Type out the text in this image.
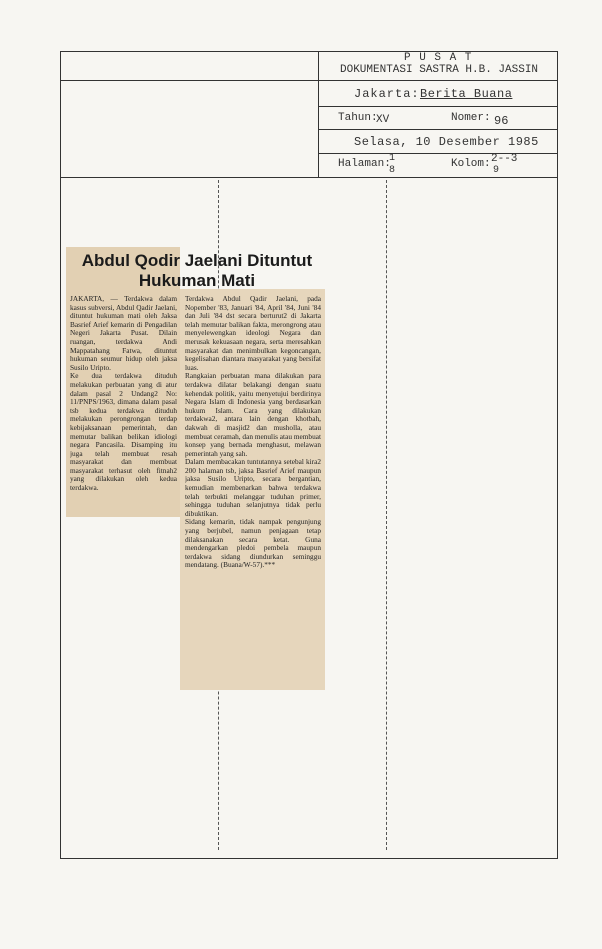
P U S A T
DOKUMENTASI SASTRA H.B. JASSIN
Jakarta: Berita Buana
Tahun:
XV	Nomer: 96
Selasa, 10 Desember 1985
Halaman:
1
8
Kolom: 2--3
9
Abdul Qodir Jaelani Dituntut Hukuman Mati
JAKARTA, — Terdakwa dalam kasus subversi, Abdul Qadir Jaelani, dituntut hukuman mati oleh Jaksa Basrief Arief kemarin di Pengadilan Negeri Jakarta Pusat. Dilain ruangan, terdakwa Andi Mappatahang Fatwa, dituntut hukuman seumur hidup oleh jaksa Susilo Uripto.
Ke dua terdakwa dituduh melakukan perbuatan yang di atur dalam pasal 2 Undang2 No: 11/PNPS/1963, dimana dalam pasal tsb kedua terdakwa dituduh melakukan perongrongan terdap kebijaksanaan pemerintah, dan memutar balikan belikan idiologi negara Pancasila. Disamping itu juga telah membuat resah masyarakat dan membuat masyarakat terhasut oleh fitnah2 yang dilakukan oleh kedua terdakwa.
Terdakwa Abdul Qadir Jaelani, pada Nopember '83, Januari '84, April '84, Juni '84 dan Juli '84 dst secara berturut2 di Jakarta telah memutar balikan fakta, merongrong atau menyelewengkan ideologi Negara dan merusak kekuasaan negara, serta meresahkan masyarakat dan menimbulkan kegoncangan, kegelisahan diantara masyarakat yang bersifat luas.
Rangkaian perbuatan mana dilakukan para terdakwa dilatar belakangi dengan suatu kehendak politik, yaitu menyetujui berdirinya Negara Islam di Indonesia yang berdasarkan hukum Islam. Cara yang dilakukan terdakwa2, antara lain dengan khotbah, dakwah di masjid2 dan musholla, atau membuat ceramah, dan menulis atau membuat konsep yang bernada menghasut, melawan pemerintah yang sah.
Dalam membacakan tuntutannya setebal kira2 200 halaman tsb, jaksa Basrief Arief maupun jaksa Susilo Uripto, secara bergantian, kemudian membenarkan bahwa terdakwa telah terbukti melanggar tuduhan primer, sehingga tuduhan selanjutnya tidak perlu dibuktikan.
Sidang kemarin, tidak nampak pengunjung yang berjubel, namun penjagaan tetap dilaksanakan secara ketat. Guna mendengarkan pledoi pembela maupun terdakwa sidang diundurkan seminggu mendatang. (Buana/W-57).***
